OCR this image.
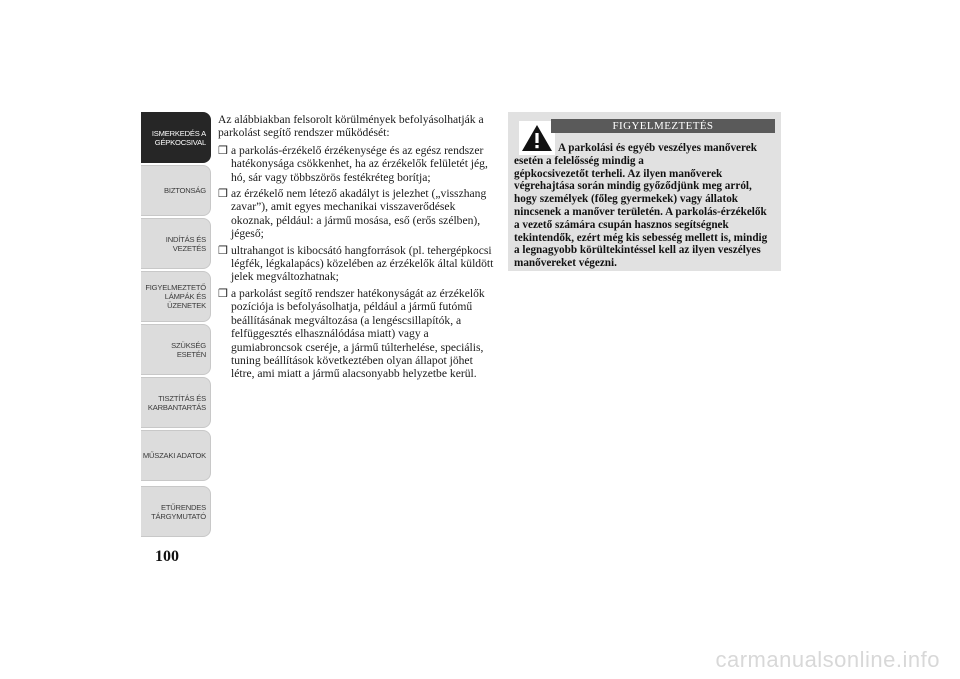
ISMERKEDÉS A
GÉPKOCSIVAL
BIZTONSÁG
INDÍTÁS ÉS
VEZETÉS
FIGYELMEZTETŐ
LÁMPÁK ÉS
ÜZENETEK
SZÜKSÉG ESETÉN
TISZTÍTÁS ÉS
KARBANTARTÁS
MŰSZAKI ADATOK
ETŰRENDES
TÁRGYMUTATÓ
100

Az alábbiakban felsorolt körülmények befolyásolhatják a parkolást segítő rendszer működését:

❒ a parkolás-érzékelő érzékenysége és az egész rendszer hatékonysága csökkenhet, ha az érzékelők felületét jég, hó, sár vagy többszörös festékréteg borítja;
❒ az érzékelő nem létező akadályt is jelezhet („visszhang zavar”), amit egyes mechanikai visszaverődések okoznak, például: a jármű mosása, eső (erős szélben), jégeső;
❒ ultrahangot is kibocsátó hangforrások (pl. tehergépkocsi légfék, légkalapács) közelében az érzékelők által küldött jelek megváltozhatnak;
❒ a parkolást segítő rendszer hatékonyságát az érzékelők pozíciója is befolyásolhatja, például a jármű futómű beállításának megváltozása (a lengéscsillapítók, a felfüggesztés elhasználódása miatt) vagy a gumiabroncsok cseréje, a jármű túlterhelése, speciális, tuning beállítások következtében olyan állapot jöhet létre, ami miatt a jármű alacsonyabb helyzetbe kerül.
FIGYELMEZTETÉS

A parkolási és egyéb veszélyes manőverek esetén a felelősség mindig a
gépkocsivezetőt terheli. Az ilyen manőverek végrehajtása során mindig győződjünk meg arról, hogy személyek (főleg gyermekek) vagy állatok nincsenek a manőver területén. A parkolás-érzékelők a vezető számára csupán hasznos segítségnek tekintendők, ezért még kis sebesség mellett is, mindig a legnagyobb körültekintéssel kell az ilyen veszélyes manővereket végezni.

carmanualsonline.info
